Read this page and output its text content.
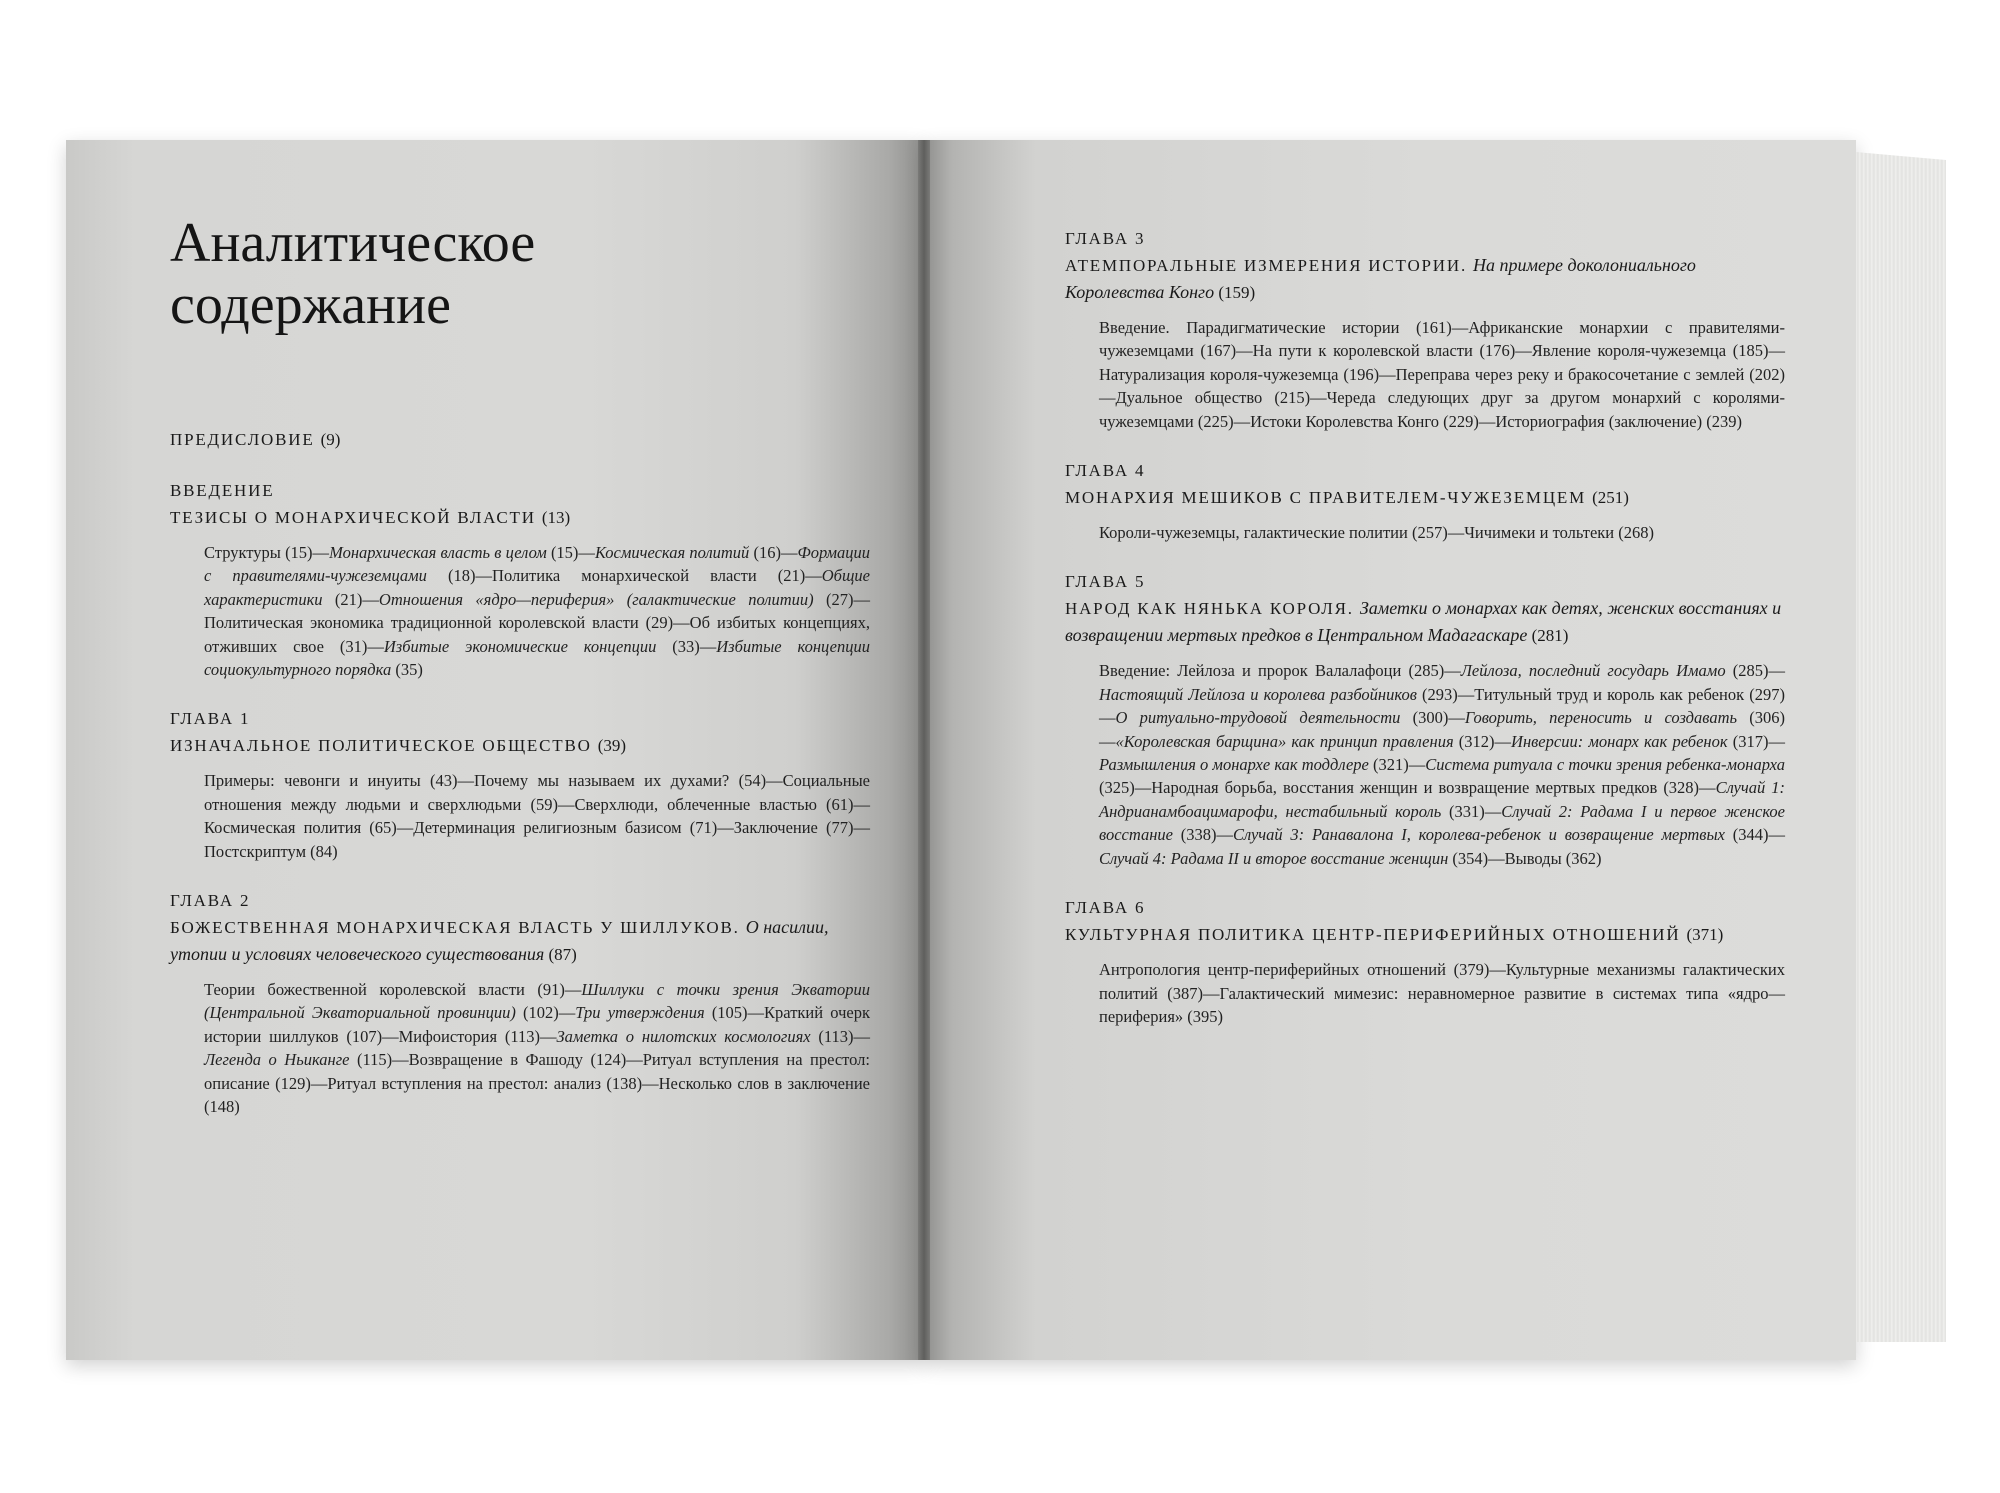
Аналитическое
содержание
ПРЕДИСЛОВИЕ (9)
ВВЕДЕНИЕ
ТЕЗИСЫ О МОНАРХИЧЕСКОЙ ВЛАСТИ (13)
Структуры (15)—Монархическая власть в целом (15)—Космическая политий (16)—Формации с правителями-чужеземцами (18)—Политика монархической власти (21)—Общие характеристики (21)—Отношения «ядро—периферия» (галактические политии) (27)—Политическая экономика традиционной королевской власти (29)—Об избитых концепциях, отживших свое (31)—Избитые экономические концепции (33)—Избитые концепции социокультурного порядка (35)
ГЛАВА 1
ИЗНАЧАЛЬНОЕ ПОЛИТИЧЕСКОЕ ОБЩЕСТВО (39)
Примеры: чевонги и инуиты (43)—Почему мы называем их духами? (54)—Социальные отношения между людьми и сверхлюдьми (59)—Сверхлюди, облеченные властью (61)—Космическая полития (65)—Детерминация религиозным базисом (71)—Заключение (77)—Постскриптум (84)
ГЛАВА 2
БОЖЕСТВЕННАЯ МОНАРХИЧЕСКАЯ ВЛАСТЬ У ШИЛЛУКОВ. О насилии, утопии и условиях человеческого существования (87)
Теории божественной королевской власти (91)—Шиллуки с точки зрения Экватории (Центральной Экваториальной провинции) (102)—Три утверждения (105)—Краткий очерк истории шиллуков (107)—Мифоистория (113)—Заметка о нилотских космологиях (113)—Легенда о Ньиканге (115)—Возвращение в Фашоду (124)—Ритуал вступления на престол: описание (129)—Ритуал вступления на престол: анализ (138)—Несколько слов в заключение (148)
ГЛАВА 3
АТЕМПОРАЛЬНЫЕ ИЗМЕРЕНИЯ ИСТОРИИ. На примере доколониального Королевства Конго (159)
Введение. Парадигматические истории (161)—Африканские монархии с правителями-чужеземцами (167)—На пути к королевской власти (176)—Явление короля-чужеземца (185)—Натурализация короля-чужеземца (196)—Переправа через реку и бракосочетание с землей (202)—Дуальное общество (215)—Череда следующих друг за другом монархий с королями-чужеземцами (225)—Истоки Королевства Конго (229)—Историография (заключение) (239)
ГЛАВА 4
МОНАРХИЯ МЕШИКОВ С ПРАВИТЕЛЕМ-ЧУЖЕЗЕМЦЕМ (251)
Короли-чужеземцы, галактические политии (257)—Чичимеки и тольтеки (268)
ГЛАВА 5
НАРОД КАК НЯНЬКА КОРОЛЯ. Заметки о монархах как детях, женских восстаниях и возвращении мертвых предков в Центральном Мадагаскаре (281)
Введение: Лейлоза и пророк Валалафоци (285)—Лейлоза, последний государь Имамо (285)—Настоящий Лейлоза и королева разбойников (293)—Титульный труд и король как ребенок (297)—О ритуально-трудовой деятельности (300)—Говорить, переносить и создавать (306)—«Королевская барщина» как принцип правления (312)—Инверсии: монарх как ребенок (317)—Размышления о монархе как тоддлере (321)—Система ритуала с точки зрения ребенка-монарха (325)—Народная борьба, восстания женщин и возвращение мертвых предков (328)—Случай 1: Андрианамбоацимарофи, нестабильный король (331)—Случай 2: Радама I и первое женское восстание (338)—Случай 3: Ранавалона I, королева-ребенок и возвращение мертвых (344)—Случай 4: Радама II и второе восстание женщин (354)—Выводы (362)
ГЛАВА 6
КУЛЬТУРНАЯ ПОЛИТИКА ЦЕНТР-ПЕРИФЕРИЙНЫХ ОТНОШЕНИЙ (371)
Антропология центр-периферийных отношений (379)—Культурные механизмы галактических политий (387)—Галактический мимезис: неравномерное развитие в системах типа «ядро—периферия» (395)
